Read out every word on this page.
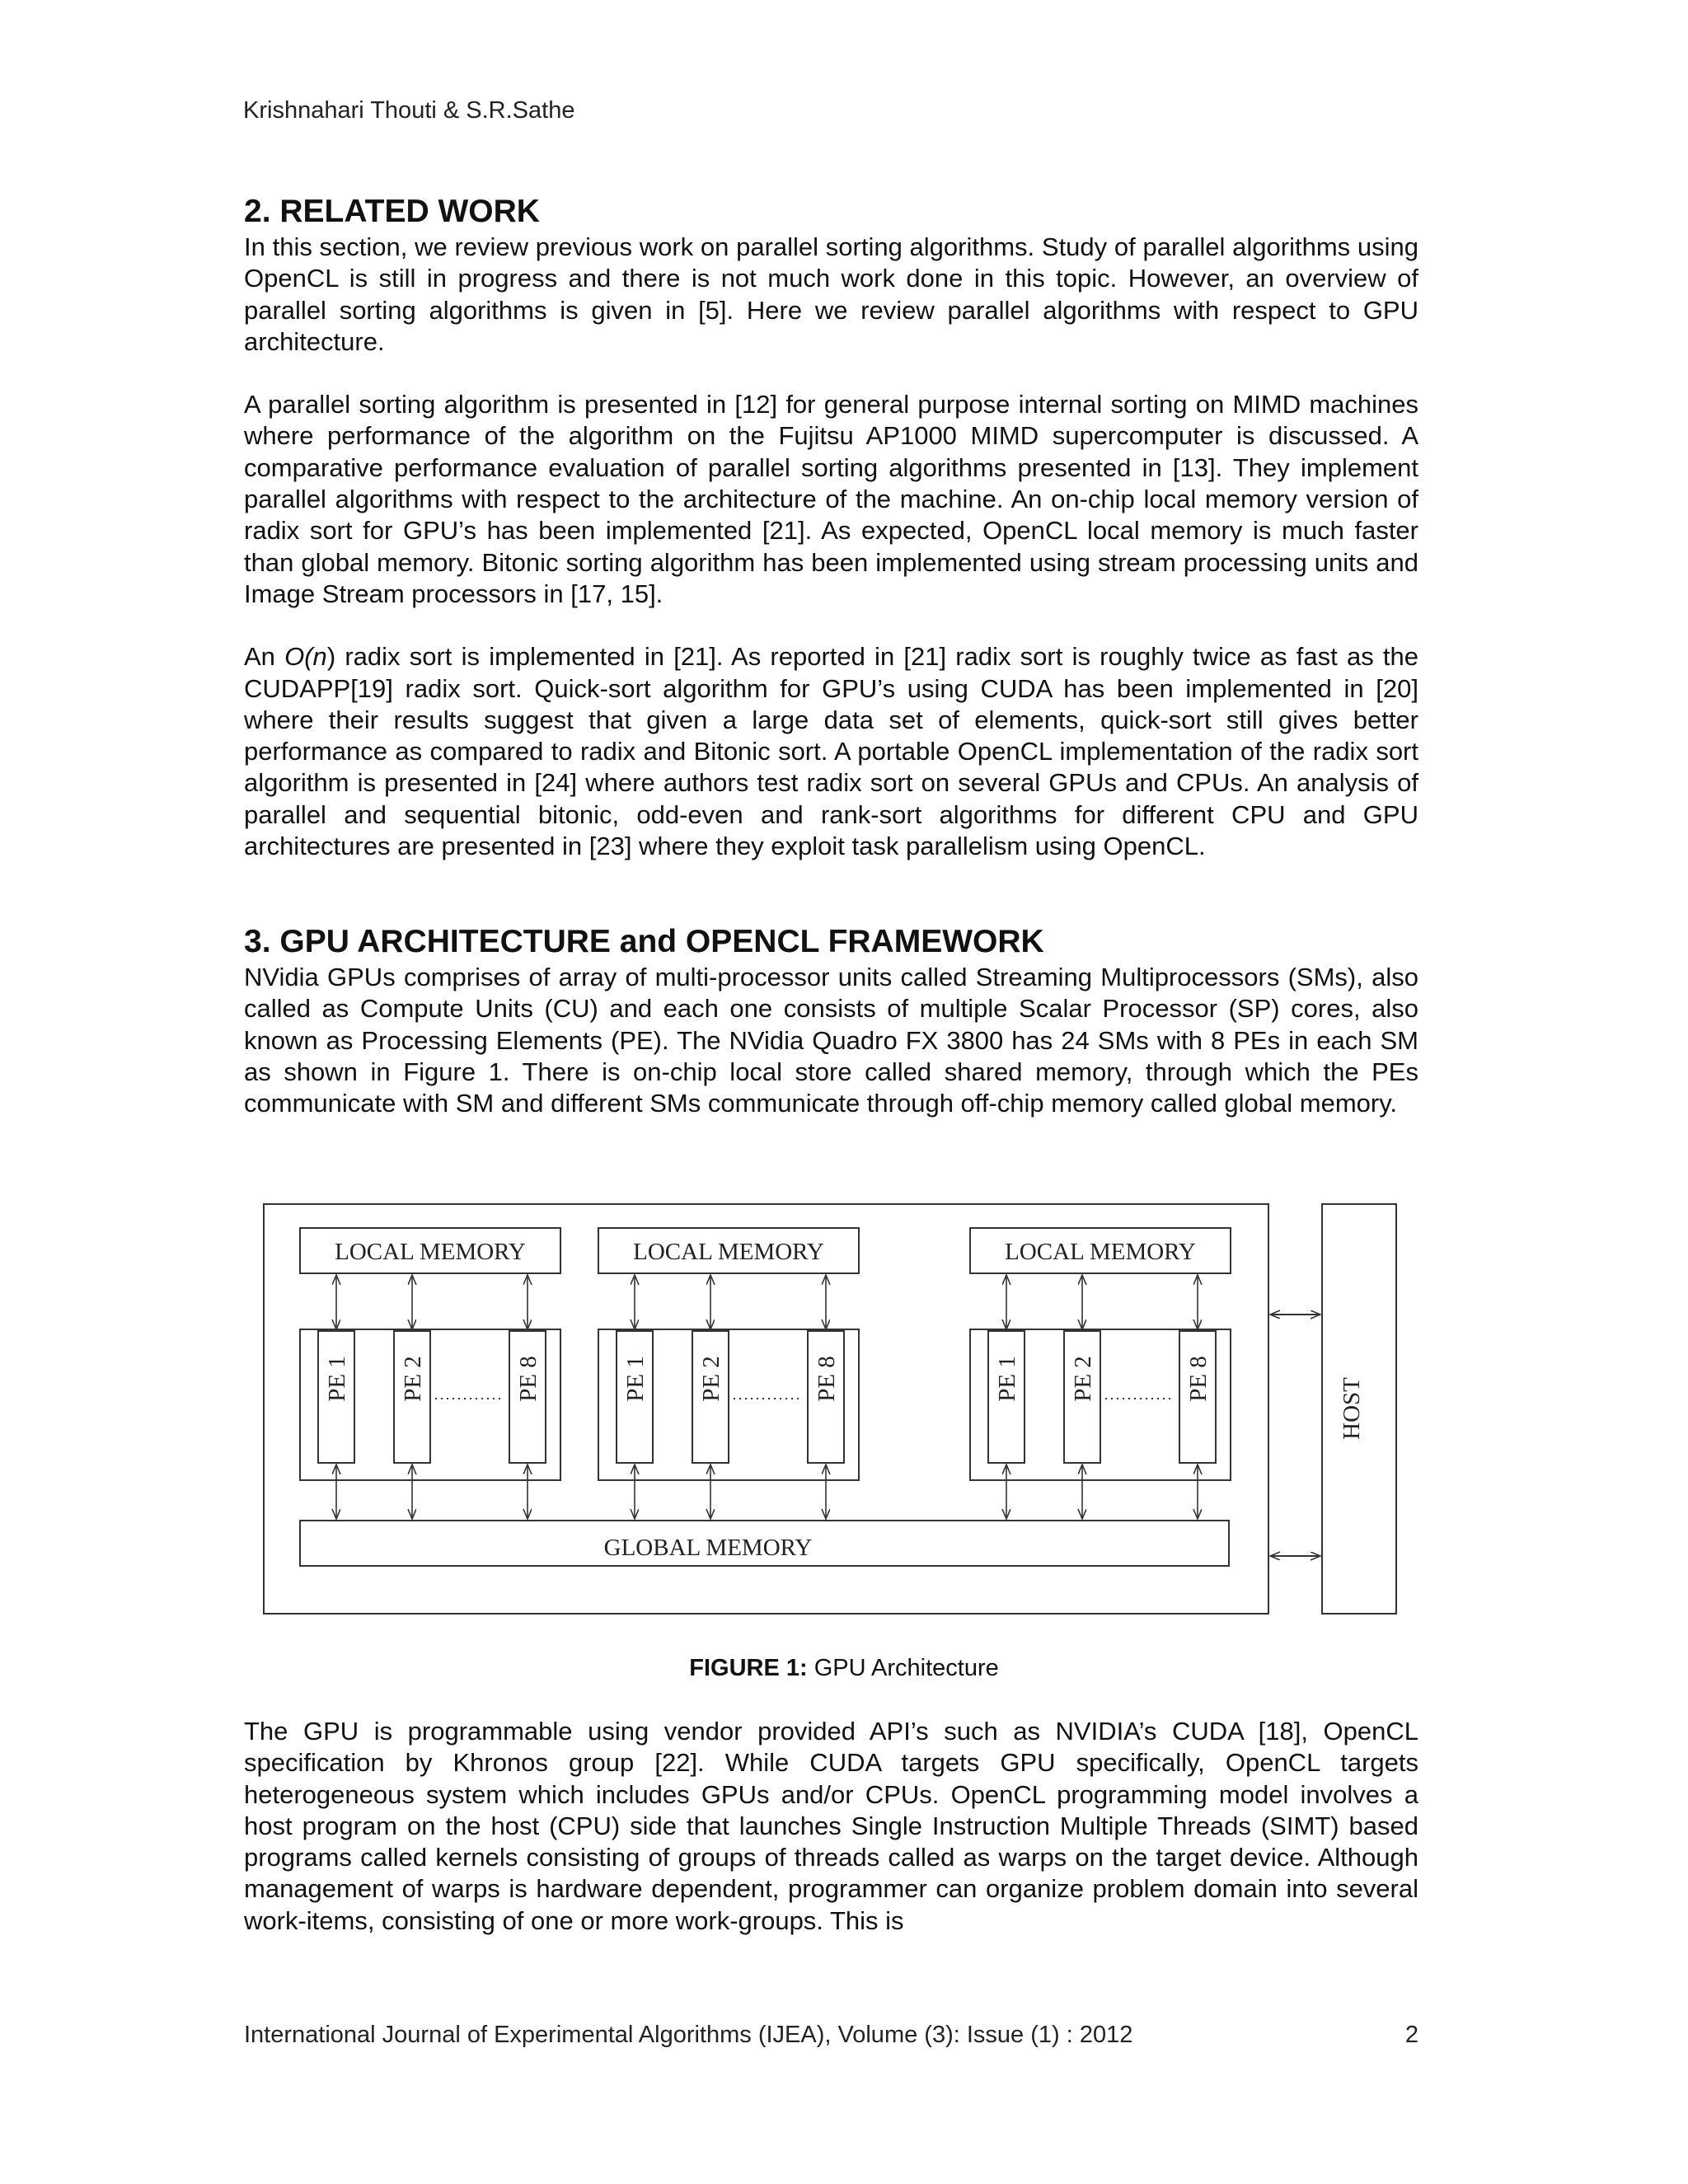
Krishnahari Thouti & S.R.Sathe
2. RELATED WORK

In this section, we review previous work on parallel sorting algorithms. Study of parallel algorithms using OpenCL is still in progress and there is not much work done in this topic. However, an overview of parallel sorting algorithms is given in [5]. Here we review parallel algorithms with respect to GPU architecture.

A parallel sorting algorithm is presented in [12] for general purpose internal sorting on MIMD machines where performance of the algorithm on the Fujitsu AP1000 MIMD supercomputer is discussed. A comparative performance evaluation of parallel sorting algorithms presented in [13]. They implement parallel algorithms with respect to the architecture of the machine. An on-chip local memory version of radix sort for GPU’s has been implemented [21]. As expected, OpenCL local memory is much faster than global memory. Bitonic sorting algorithm has been implemented using stream processing units and Image Stream processors in [17, 15].

An O(n) radix sort is implemented in [21]. As reported in [21] radix sort is roughly twice as fast as the CUDAPP[19] radix sort. Quick-sort algorithm for GPU’s using CUDA has been implemented in [20] where their results suggest that given a large data set of elements, quick-sort still gives better performance as compared to radix and Bitonic sort. A portable OpenCL implementation of the radix sort algorithm is presented in [24] where authors test radix sort on several GPUs and CPUs. An analysis of parallel and sequential bitonic, odd-even and rank-sort algorithms for different CPU and GPU architectures are presented in [23] where they exploit task parallelism using OpenCL.

3. GPU ARCHITECTURE and OPENCL FRAMEWORK

NVidia GPUs comprises of array of multi-processor units called Streaming Multiprocessors (SMs), also called as Compute Units (CU) and each one consists of multiple Scalar Processor (SP) cores, also known as Processing Elements (PE). The NVidia Quadro FX 3800 has 24 SMs with 8 PEs in each SM as shown in Figure 1. There is on-chip local store called shared memory, through which the PEs communicate with SM and different SMs communicate through off-chip memory called global memory.

LOCAL MEMORY
PE 1 PE 2	PE 8
LOCAL MEMORY
PE 1 PE 2	PE 8
LOCAL MEMORY
PE 1 PE 2	PE 8
GLOBAL MEMORY
HOST
FIGURE 1: GPU Architecture

The GPU is programmable using vendor provided API’s such as NVIDIA’s CUDA [18], OpenCL specification by Khronos group [22]. While CUDA targets GPU specifically, OpenCL targets heterogeneous system which includes GPUs and/or CPUs. OpenCL programming model involves a host program on the host (CPU) side that launches Single Instruction Multiple Threads (SIMT) based programs called kernels consisting of groups of threads called as warps on the target device. Although management of warps is hardware dependent, programmer can organize problem domain into several work-items, consisting of one or more work-groups. This is

International Journal of Experimental Algorithms (IJEA), Volume (3): Issue (1) : 2012	2
